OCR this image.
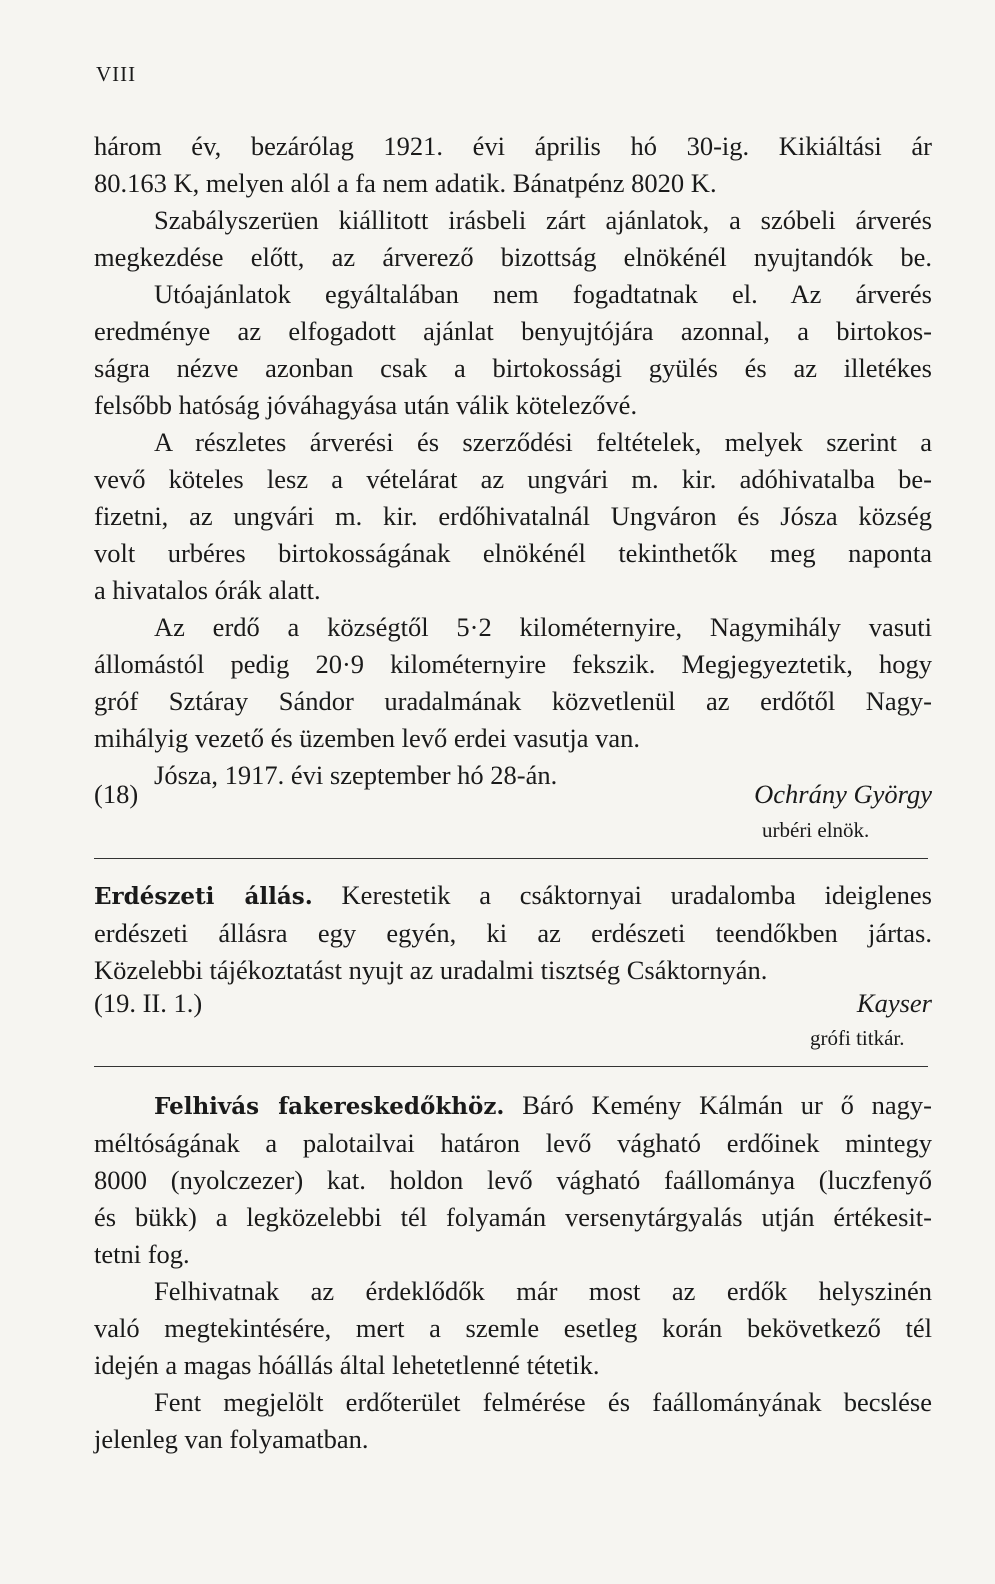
VIII
három év, bezárólag 1921. évi április hó 30-ig. Kikiáltási ár
80.163 K, melyen alól a fa nem adatik. Bánatpénz 8020 K.
Szabályszerüen kiállitott irásbeli zárt ajánlatok, a szóbeli árverés
megkezdése előtt, az árverező bizottság elnökénél nyujtandók be.
Utóajánlatok egyáltalában nem fogadtatnak el. Az árverés
eredménye az elfogadott ajánlat benyujtójára azonnal, a birtokos-
ságra nézve azonban csak a birtokossági gyülés és az illetékes
felsőbb hatóság jóváhagyása után válik kötelezővé.
A részletes árverési és szerződési feltételek, melyek szerint a
vevő köteles lesz a vételárat az ungvári m. kir. adóhivatalba be-
fizetni, az ungvári m. kir. erdőhivatalnál Ungváron és Jósza község
volt urbéres birtokosságának elnökénél tekinthetők meg naponta
a hivatalos órák alatt.
Az erdő a községtől 5·2 kilométernyire, Nagymihály vasuti
állomástól pedig 20·9 kilométernyire fekszik. Megjegyeztetik, hogy
gróf Sztáray Sándor uradalmának közvetlenül az erdőtől Nagy-
mihályig vezető és üzemben levő erdei vasutja van.
Jósza, 1917. évi szeptember hó 28-án.
(18)	Ochrány György
urbéri elnök.
Erdészeti állás. Kerestetik a csáktornyai uradalomba ideiglenes
erdészeti állásra egy egyén, ki az erdészeti teendőkben jártas.
Közelebbi tájékoztatást nyujt az uradalmi tisztség Csáktornyán.
(19. II. 1.)	Kayser
grófi titkár.
Felhivás fakereskedőkhöz. Báró Kemény Kálmán ur ő nagy-
méltóságának a palotailvai határon levő vágható erdőinek mintegy
8000 (nyolczezer) kat. holdon levő vágható faállománya (luczfenyő
és bükk) a legközelebbi tél folyamán versenytárgyalás utján értékesit-
tetni fog.
Felhivatnak az érdeklődők már most az erdők helyszinén
való megtekintésére, mert a szemle esetleg korán bekövetkező tél
idején a magas hóállás által lehetetlenné tétetik.
Fent megjelölt erdőterület felmérése és faállományának becslése
jelenleg van folyamatban.
